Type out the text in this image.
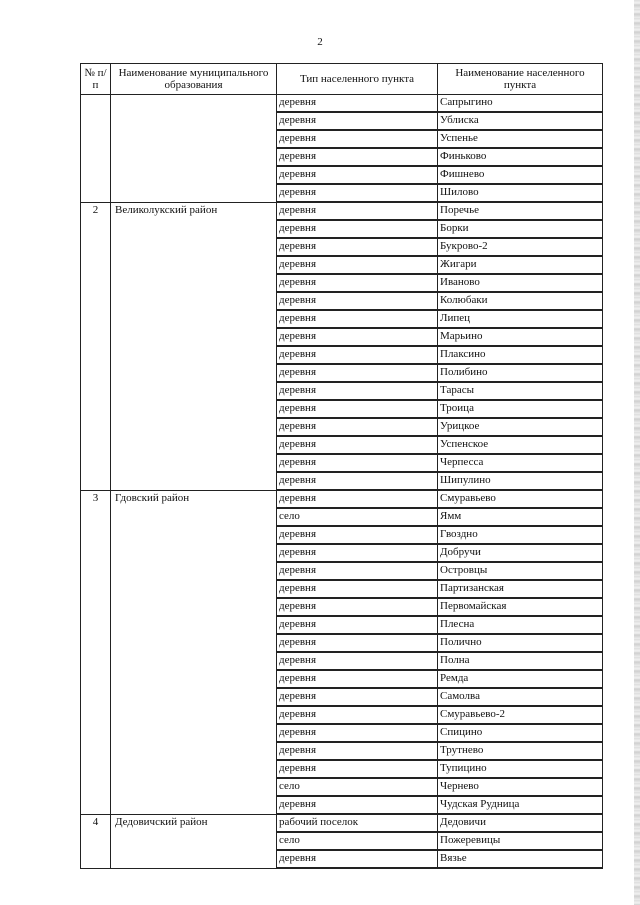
2
№ п/п	Наименование муниципального образования	Тип населенного пункта	Наименование населенного пункта
		деревня	Сапрыгино
		деревня	Ублиска
		деревня	Успенье
		деревня	Финьково
		деревня	Фишнево
		деревня	Шилово
2	Великолукский район	деревня	Поречье
		деревня	Борки
		деревня	Букрово-2
		деревня	Жигари
		деревня	Иваново
		деревня	Колюбаки
		деревня	Липец
		деревня	Марьино
		деревня	Плаксино
		деревня	Полибино
		деревня	Тарасы
		деревня	Троица
		деревня	Урицкое
		деревня	Успенское
		деревня	Черпесса
		деревня	Шипулино
3	Гдовский район	деревня	Смуравьево
		село	Ямм
		деревня	Гвоздно
		деревня	Добручи
		деревня	Островцы
		деревня	Партизанская
		деревня	Первомайская
		деревня	Плесна
		деревня	Полично
		деревня	Полна
		деревня	Ремда
		деревня	Самолва
		деревня	Смуравьево-2
		деревня	Спицино
		деревня	Трутнево
		деревня	Тупицино
		село	Чернево
		деревня	Чудская Рудница
4	Дедовичский район	рабочий поселок	Дедовичи
		село	Пожеревицы
		деревня	Вязье
